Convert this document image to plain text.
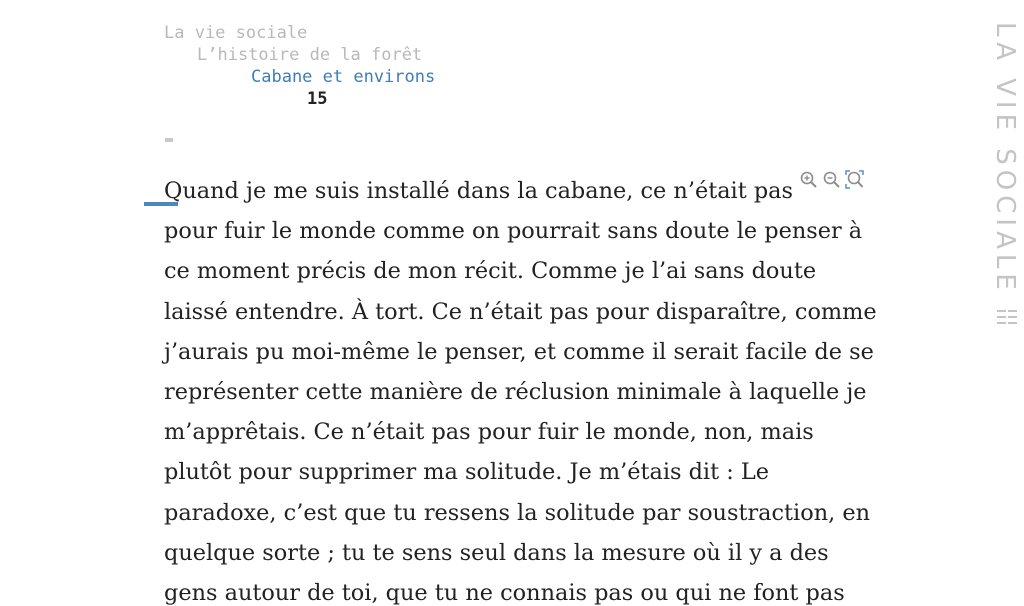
La vie sociale
L’histoire de la forêt
Cabane et environs
15
Quand je me suis installé dans la cabane, ce n’était pas
pour fuir le monde comme on pourrait sans doute le penser à
ce moment précis de mon récit. Comme je l’ai sans doute
laissé entendre. À tort. Ce n’était pas pour disparaître, comme
j’aurais pu moi-même le penser, et comme il serait facile de se
représenter cette manière de réclusion minimale à laquelle je
m’apprêtais. Ce n’était pas pour fuir le monde, non, mais
plutôt pour supprimer ma solitude. Je m’étais dit : Le
paradoxe, c’est que tu ressens la solitude par soustraction, en
quelque sorte ; tu te sens seul dans la mesure où il y a des
gens autour de toi, que tu ne connais pas ou qui ne font pas
LA VIE SOCIALE
